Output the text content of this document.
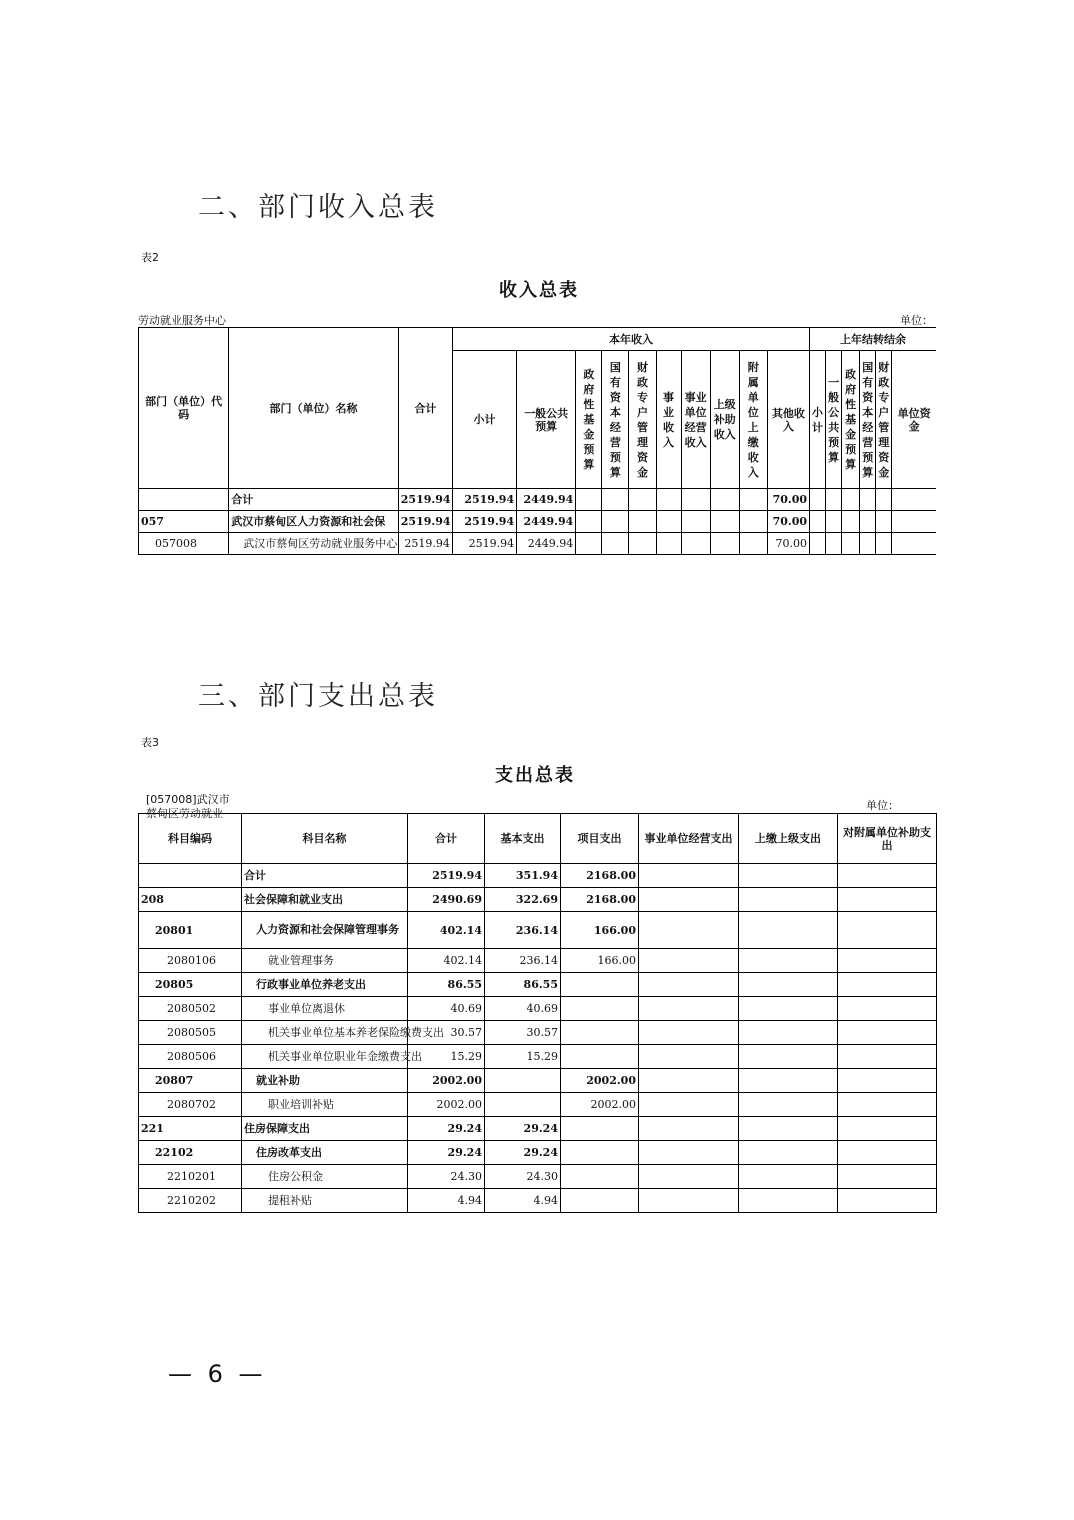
二、部门收入总表
表2
收入总表
劳动就业服务中心	单位：
部门（单位）代码	部门（单位）名称	合计	本年收入										上年结转结余					
			小计	一般公共预算	政府性基金预算	国有资本经营预算	财政专户管理资金	事业收入	事业单位经营收入	上级补助收入	附属单位上缴收入	其他收入	小计	一般公共预算	政府性基金预算	国有资本经营预算	财政专户管理资金	单位资金
	合计	2519.94	2519.94	2449.94								70.00						
057	武汉市蔡甸区人力资源和社会保	2519.94	2519.94	2449.94								70.00						
057008	武汉市蔡甸区劳动就业服务中心	2519.94	2519.94	2449.94								70.00						
三、部门支出总表
表3
支出总表
[057008]武汉市
蔡甸区劳动就业
单位：
科目编码	科目名称	合计	基本支出	项目支出	事业单位经营支出	上缴上级支出	对附属单位补助支出
	合计	2519.94	351.94	2168.00			
208	社会保障和就业支出	2490.69	322.69	2168.00			
20801	人力资源和社会保障管理事务	402.14	236.14	166.00			
2080106	就业管理事务	402.14	236.14	166.00			
20805	行政事业单位养老支出	86.55	86.55				
2080502	事业单位离退休	40.69	40.69				
2080505	机关事业单位基本养老保险缴费支出	30.57	30.57				
2080506	机关事业单位职业年金缴费支出	15.29	15.29				
20807	就业补助	2002.00		2002.00			
2080702	职业培训补贴	2002.00		2002.00			
221	住房保障支出	29.24	29.24				
22102	住房改革支出	29.24	29.24				
2210201	住房公积金	24.30	24.30				
2210202	提租补贴	4.94	4.94				
— 6 —
